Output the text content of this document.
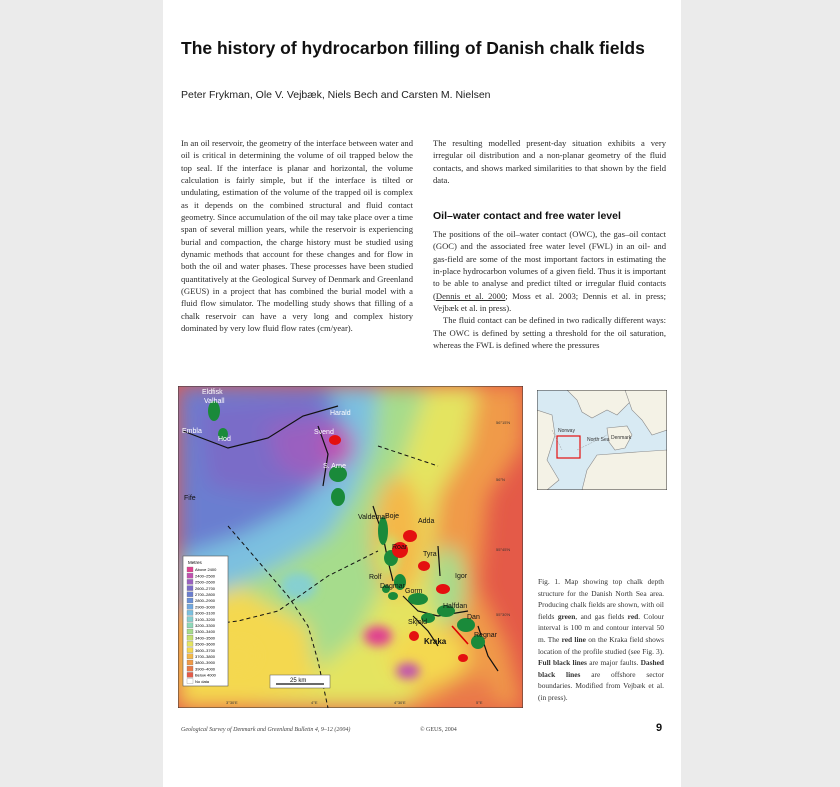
The history of hydrocarbon filling of Danish chalk fields
Peter Frykman, Ole V. Vejbæk, Niels Bech and Carsten M. Nielsen

In an oil reservoir, the geometry of the interface between water and oil is critical in determining the volume of oil trapped below the top seal. If the interface is planar and horizontal, the volume calculation is fairly simple, but if the interface is tilted or undulating, estimation of the volume of the trapped oil is complex as it depends on the combined structural and fluid contact geometry. Since accumulation of the oil may take place over a time span of several million years, while the reservoir is experiencing burial and compaction, the charge history must be studied using dynamic methods that account for these changes and for flow in both the oil and water phases. These processes have been studied quantitatively at the Geological Survey of Denmark and Greenland (GEUS) in a project that has combined the burial model with a fluid flow simulator. The modelling study shows that filling of a chalk reservoir can have a very long and complex history dominated by very low fluid flow rates (cm/year).

The resulting modelled present-day situation exhibits a very irregular oil distribution and a non-planar geometry of the fluid contacts, and shows marked similarities to that shown by the field data.

Oil–water contact and free water level

The positions of the oil–water contact (OWC), the gas–oil contact (GOC) and the associated free water level (FWL) in an oil- and gas-field are some of the most important factors in estimating the in-place hydrocarbon volumes of a given field. Thus it is important to be able to analyse and predict tilted or irregular fluid contacts (Dennis et al. 2000; Moss et al. 2003; Dennis et al. in press; Vejbæk et al. in press).

The fluid contact can be defined in two radically different ways: The OWC is defined by setting a threshold for the oil saturation, whereas the FWL is defined where the pressures

Eldfisk
Embla
Valhall
Hod
Harald
Svend
S. Arne
Fife
Valdemar
Boje
Adda
Roar
Tyra
Rolf
Dagmar
Gorm
Igor
Halfdan
Skjold
Dan
Kraka
Regnar
Metres
Above 2400
2400–2500
2500–2600
2600–2700
2700–2800
2800–2900
2900–3000
3000–3100
3100–3200
3200–3300
3300–3400
3400–3500
3500–3600
3600–3700
3700–3800
3800–3900
3900–4000
Below 4000
No data	25 km
56°15'N
56°N
55°45'N
55°30'N
3°30'E	4°E	4°30'E	5°E
Norway
North Sea Denmark
Fig. 1. Map showing top chalk depth structure for the Danish North Sea area. Producing chalk fields are shown, with oil fields green, and gas fields red. Colour interval is 100 m and contour interval 50 m. The red line on the Kraka field shows location of the profile studied (see Fig. 3). Full black lines are major faults. Dashed black lines are offshore sector boundaries. Modified from Vejbæk et al. (in press).
Geological Survey of Denmark and Greenland Bulletin 4, 9–12 (2004)	© GEUS, 2004	9
